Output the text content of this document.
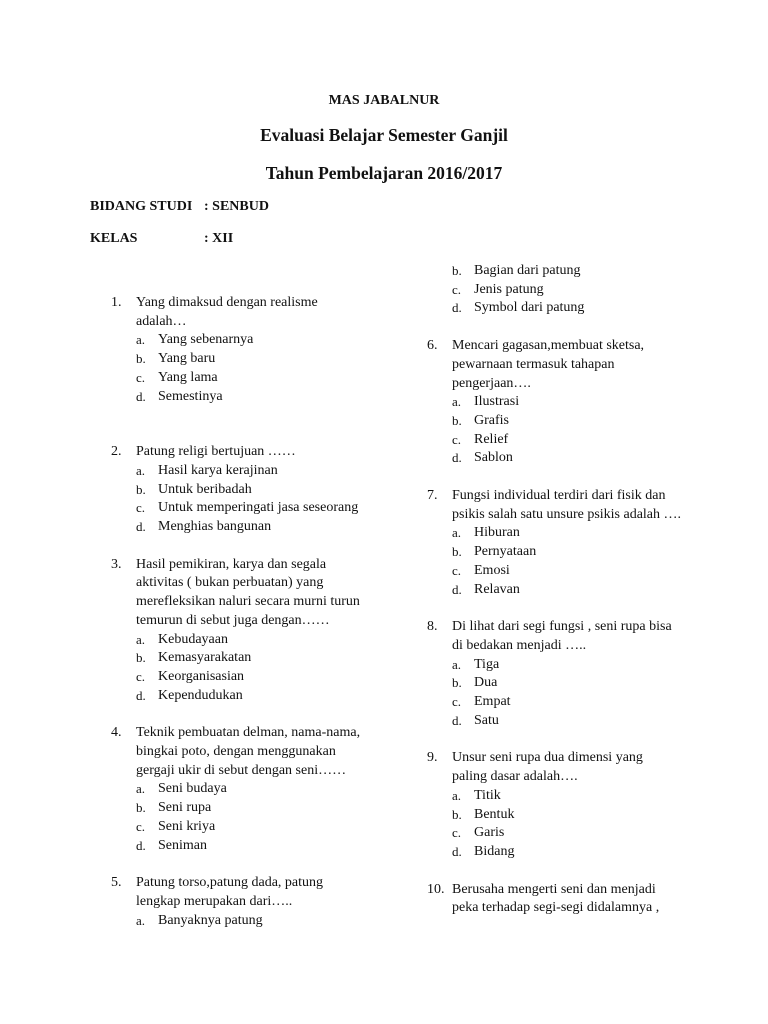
MAS JABALNUR
Evaluasi Belajar Semester Ganjil
Tahun Pembelajaran 2016/2017
BIDANG STUDI : SENBUD
KELAS	: XII
1. Yang dimaksud dengan realisme
adalah…
a. Yang sebenarnya
b. Yang baru
c. Yang lama
d. Semestinya
2. Patung religi bertujuan ……
a. Hasil karya kerajinan
b. Untuk beribadah
c. Untuk memperingati jasa seseorang
d. Menghias bangunan
3. Hasil pemikiran, karya dan segala
aktivitas ( bukan perbuatan) yang
merefleksikan naluri secara murni turun
temurun di sebut juga dengan……
a. Kebudayaan
b. Kemasyarakatan
c. Keorganisasian
d. Kependudukan
4. Teknik pembuatan delman, nama-nama,
bingkai poto, dengan menggunakan
gergaji ukir di sebut dengan seni……
a. Seni budaya
b. Seni rupa
c. Seni kriya
d. Seniman
5. Patung torso,patung dada, patung
lengkap merupakan dari…..
a. Banyaknya patung
b. Bagian dari patung
c. Jenis patung
d. Symbol dari patung
6. Mencari gagasan,membuat sketsa,
pewarnaan termasuk tahapan
pengerjaan….
a. Ilustrasi
b. Grafis
c. Relief
d. Sablon
7. Fungsi individual terdiri dari fisik dan
psikis salah satu unsure psikis adalah ….
a. Hiburan
b. Pernyataan
c. Emosi
d. Relavan
8. Di lihat dari segi fungsi , seni rupa bisa
di bedakan menjadi …..
a. Tiga
b. Dua
c. Empat
d. Satu
9. Unsur seni rupa dua dimensi yang
paling dasar adalah….
a. Titik
b. Bentuk
c. Garis
d. Bidang
10. Berusaha mengerti seni dan menjadi
peka terhadap segi-segi didalamnya ,
